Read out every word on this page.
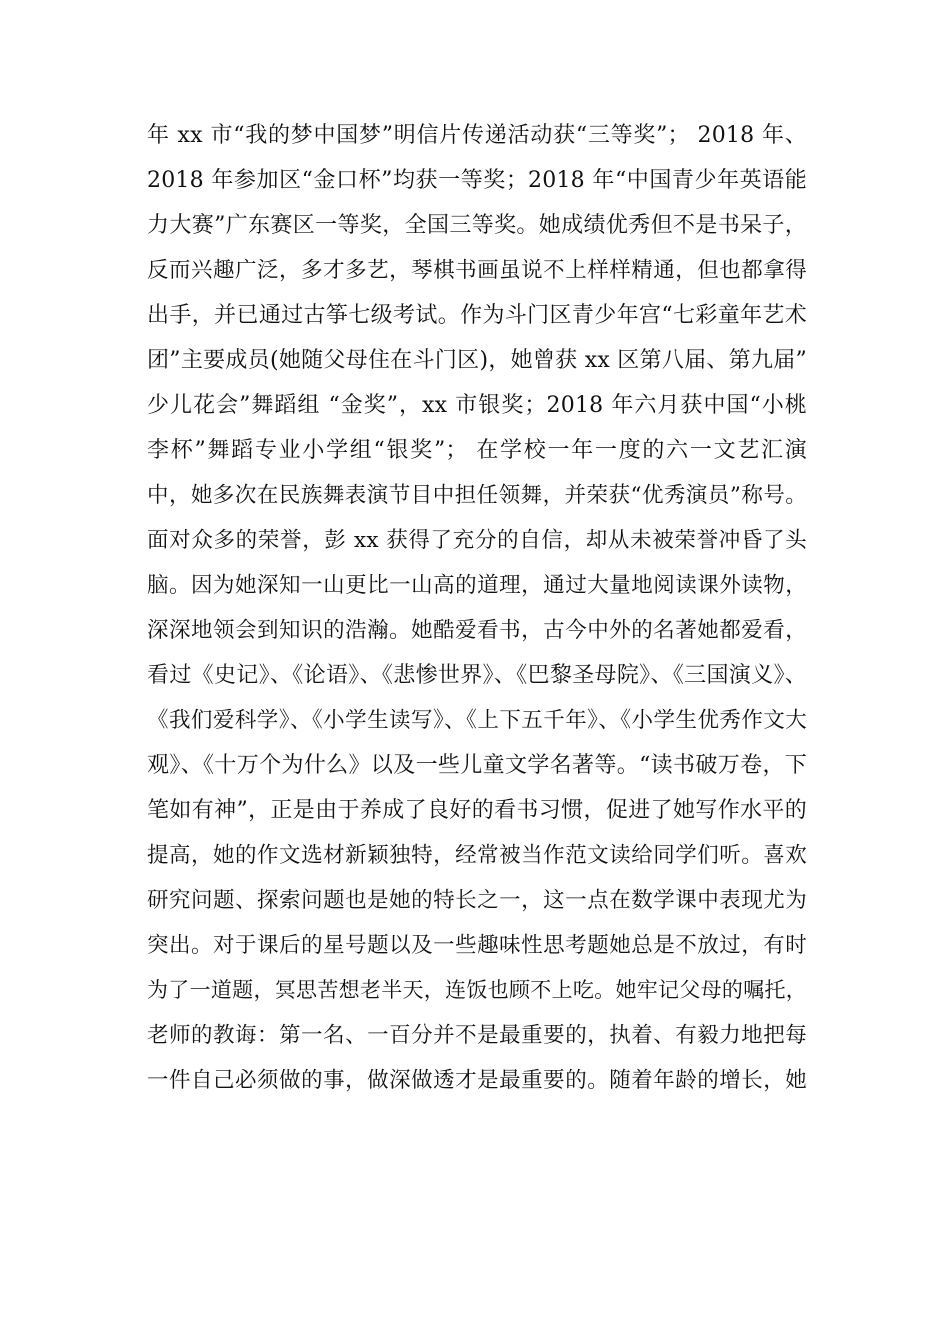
年 xx 市“我的梦中国梦”明信片传递活动获“三等奖”； 2018 年、
2018 年参加区“金口杯”均获一等奖；2018 年“中国青少年英语能
力大赛”广东赛区一等奖，全国三等奖。她成绩优秀但不是书呆子，
反而兴趣广泛，多才多艺，琴棋书画虽说不上样样精通，但也都拿得
出手，并已通过古筝七级考试。作为斗门区青少年宫“七彩童年艺术
团”主要成员(她随父母住在斗门区)，她曾获 xx 区第八届、第九届”
少儿花会”舞蹈组 “金奖”，xx 市银奖；2018 年六月获中国“小桃
李杯”舞蹈专业小学组“银奖”； 在学校一年一度的六一文艺汇演
中，她多次在民族舞表演节目中担任领舞，并荣获“优秀演员”称号。
面对众多的荣誉，彭 xx 获得了充分的自信，却从未被荣誉冲昏了头
脑。因为她深知一山更比一山高的道理，通过大量地阅读课外读物，
深深地领会到知识的浩瀚。她酷爱看书，古今中外的名著她都爱看，
看过《史记》、《论语》、《悲惨世界》、《巴黎圣母院》、《三国演义》、
《我们爱科学》、《小学生读写》、《上下五千年》、《小学生优秀作文大
观》、《十万个为什么》以及一些儿童文学名著等。“读书破万卷，下
笔如有神”，正是由于养成了良好的看书习惯，促进了她写作水平的
提高，她的作文选材新颖独特，经常被当作范文读给同学们听。喜欢
研究问题、探索问题也是她的特长之一，这一点在数学课中表现尤为
突出。对于课后的星号题以及一些趣味性思考题她总是不放过，有时
为了一道题，冥思苦想老半天，连饭也顾不上吃。她牢记父母的嘱托，
老师的教诲：第一名、一百分并不是最重要的，执着、有毅力地把每
一件自己必须做的事，做深做透才是最重要的。随着年龄的增长，她
